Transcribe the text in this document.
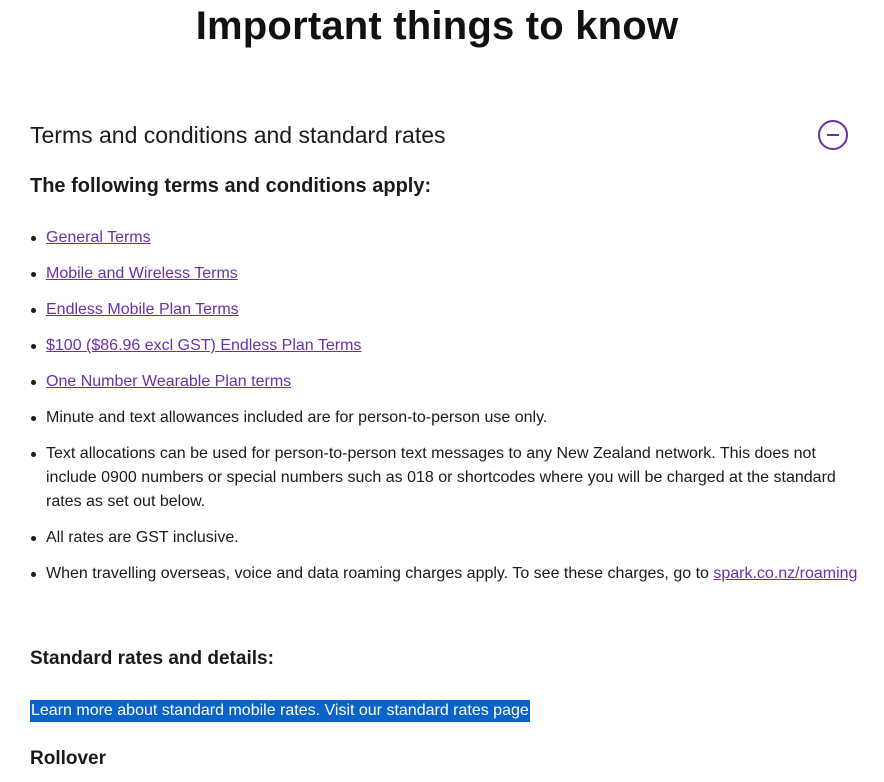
Important things to know
Terms and conditions and standard rates
The following terms and conditions apply:
General Terms
Mobile and Wireless Terms
Endless Mobile Plan Terms
$100 ($86.96 excl GST) Endless Plan Terms
One Number Wearable Plan terms
Minute and text allowances included are for person-to-person use only.
Text allocations can be used for person-to-person text messages to any New Zealand network. This does not include 0900 numbers or special numbers such as 018 or shortcodes where you will be charged at the standard rates as set out below.
All rates are GST inclusive.
When travelling overseas, voice and data roaming charges apply. To see these charges, go to spark.co.nz/roaming
Standard rates and details:
Learn more about standard mobile rates. Visit our standard rates page
Rollover
